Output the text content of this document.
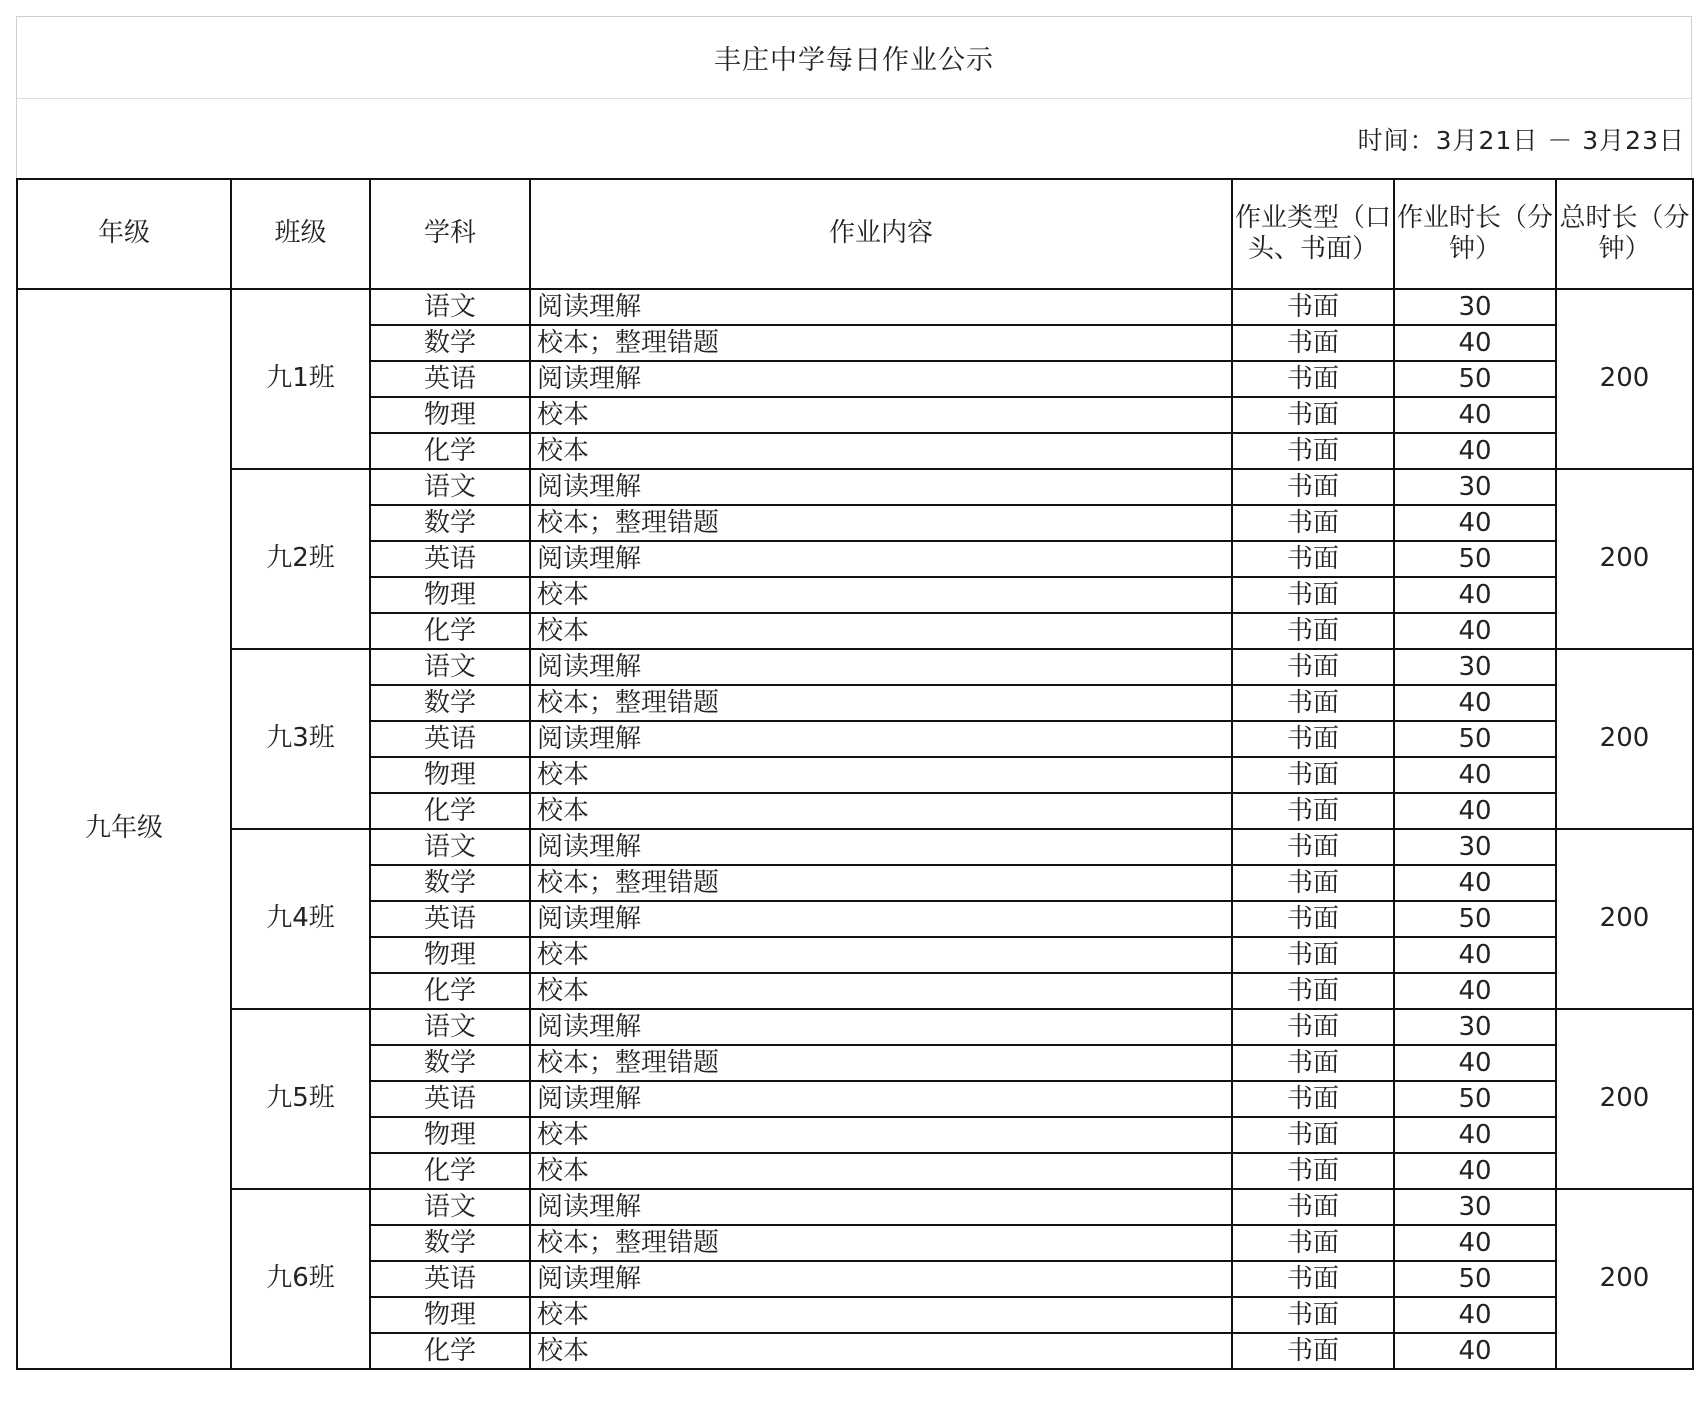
丰庄中学每日作业公示
时间：3月21日 － 3月23日
年级	班级	学科	作业内容	作业类型（口头、书面）	作业时长（分钟）	总时长（分钟）
九年级	九1班	语文	阅读理解	书面	30	200
		数学	校本；整理错题	书面	40	
		英语	阅读理解	书面	50	
		物理	校本	书面	40	
		化学	校本	书面	40	
	九2班	语文	阅读理解	书面	30	200
		数学	校本；整理错题	书面	40	
		英语	阅读理解	书面	50	
		物理	校本	书面	40	
		化学	校本	书面	40	
	九3班	语文	阅读理解	书面	30	200
		数学	校本；整理错题	书面	40	
		英语	阅读理解	书面	50	
		物理	校本	书面	40	
		化学	校本	书面	40	
	九4班	语文	阅读理解	书面	30	200
		数学	校本；整理错题	书面	40	
		英语	阅读理解	书面	50	
		物理	校本	书面	40	
		化学	校本	书面	40	
	九5班	语文	阅读理解	书面	30	200
		数学	校本；整理错题	书面	40	
		英语	阅读理解	书面	50	
		物理	校本	书面	40	
		化学	校本	书面	40	
	九6班	语文	阅读理解	书面	30	200
		数学	校本；整理错题	书面	40	
		英语	阅读理解	书面	50	
		物理	校本	书面	40	
		化学	校本	书面	40	
